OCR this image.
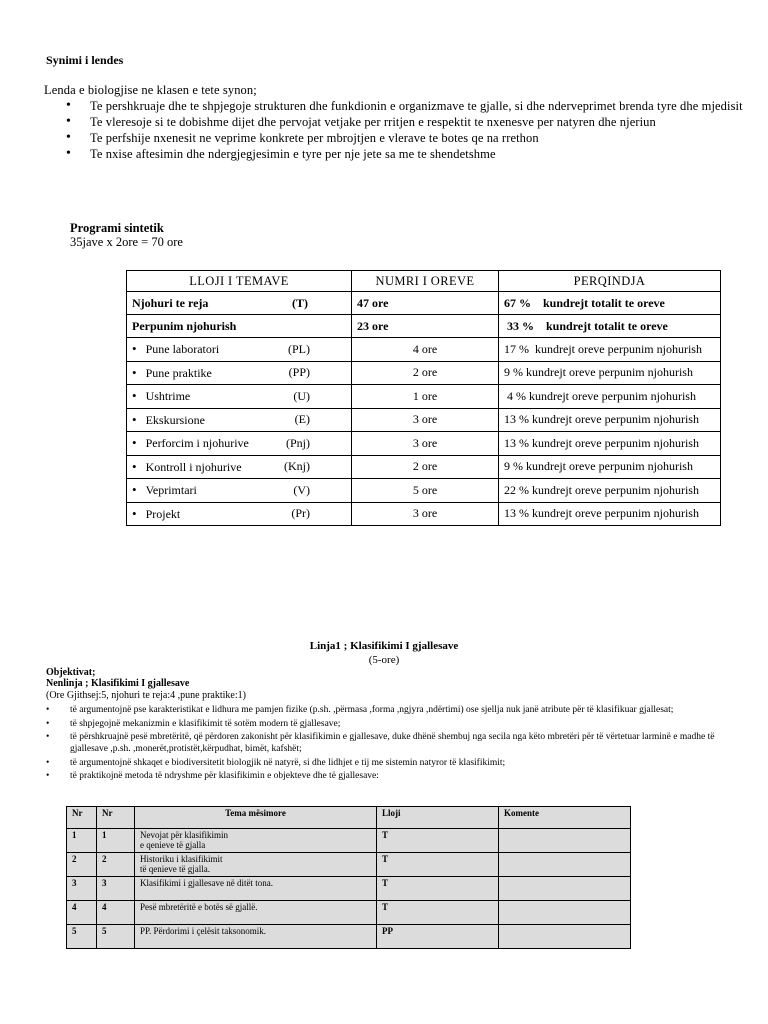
Synimi i lendes
Lenda e biologjise ne klasen e tete synon;
• Te pershkruaje dhe te shpjegoje strukturen dhe funkdionin e organizmave te gjalle, si dhe nderveprimet brenda tyre dhe mjedisit
• Te vleresoje si te dobishme dijet dhe pervojat vetjake per rritjen e respektit te nxenesve per natyren dhe njeriun
• Te perfshije nxenesit ne veprime konkrete per mbrojtjen e vlerave te botes qe na rrethon
• Te nxise aftesimin dhe ndergjegjesimin e tyre per nje jete sa me te shendetshme
Programi sintetik
35jave x 2ore = 70 ore
LLOJI I TEMAVE	NUMRI I OREVE	PERQINDJA

Njohuri te reja (T)	47 ore	67 %    kundrejt totalit te oreve

Perpunim njohurish	23 ore	33 %    kundrejt totalit te oreve

• Pune laboratori (PL)	4 ore	17 %  kundrejt oreve perpunim njohurish

• Pune praktike (PP)	2 ore	9 % kundrejt oreve perpunim njohurish

• Ushtrime (U)	1 ore	4 % kundrejt oreve perpunim njohurish

• Ekskursione (E)	3 ore	13 % kundrejt oreve perpunim njohurish

• Perforcim i njohurive (Pnj)	3 ore	13 % kundrejt oreve perpunim njohurish

• Kontroll i njohurive (Knj)	2 ore	9 % kundrejt oreve perpunim njohurish

• Veprimtari (V)	5 ore	22 % kundrejt oreve perpunim njohurish

• Projekt (Pr)	3 ore	13 % kundrejt oreve perpunim njohurish
Linja1 ; Klasifikimi I gjallesave
(5-ore)
Objektivat;
Nenlinja ; Klasifikimi I gjallesave
(Ore Gjithsej:5, njohuri te reja:4 ,pune praktike:1)
• të argumentojnë pse karakteristikat e lidhura me pamjen fizike (p.sh. ,përmasa ,forma ,ngjyra ,ndërtimi) ose sjellja nuk janë atribute për të klasifikuar gjallesat;
• të shpjegojnë mekanizmin e klasifikimit të sotëm modern të gjallesave;
• të përshkruajnë pesë mbretëritë, që përdoren zakonisht për klasifikimin e gjallesave, duke dhënë shembuj nga secila nga këto mbretëri për të vërtetuar larminë e madhe të gjallesave ,p.sh. ,monerët,protistët,kërpudhat, bimët, kafshët;
• të argumentojnë shkaqet e biodiversitetit biologjik në natyrë, si dhe lidhjet e tij me sistemin natyror të klasifikimit;
• të praktikojnë metoda të ndryshme për klasifikimin e objekteve dhe të gjallesave:
Nr	Nr	Tema mësimore	Lloji	Komente
1	1	Nevojat për klasifikimin
e qenieve të gjalla	T	
2	2	Historiku i klasifikimit
të qenieve të gjalla.	T	
3	3	Klasifikimi i gjallesave në ditët tona.	T	
4	4	Pesë mbretëritë e botës së gjallë.	T	
5	5	PP. Përdorimi i çelësit taksonomik.	PP	
